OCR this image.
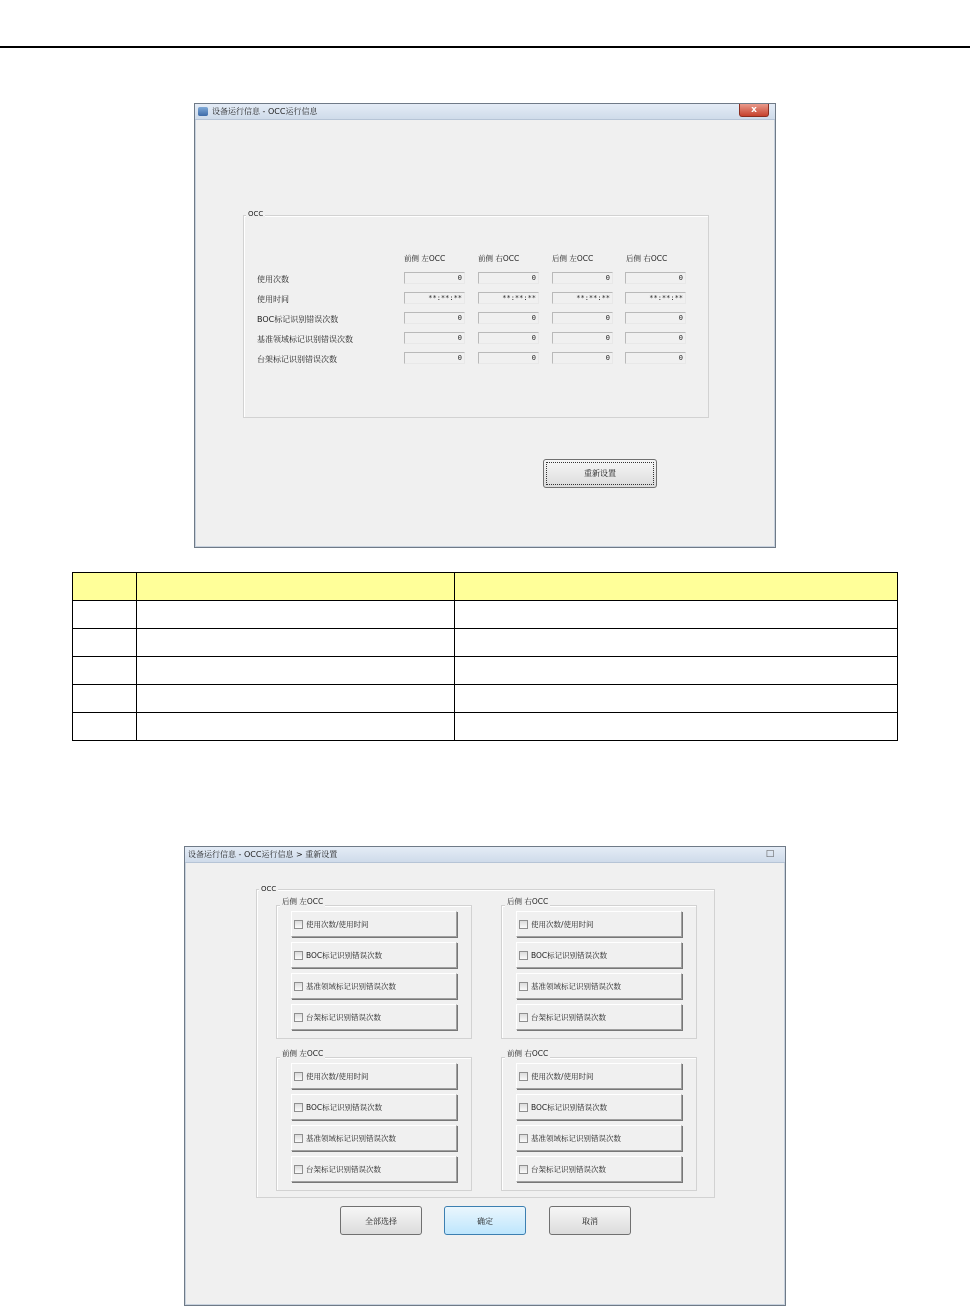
设备运行信息 - OCC运行信息	x
OCC
前侧 左OCC	前侧 右OCC	后侧 左OCC	后侧 右OCC
使用次数	0	0	0	0
使用时间	**:**:**	**:**:**	**:**:**	**:**:**
BOC标记识别错误次数	0	0	0	0
基准领域标记识别错误次数	0	0	0	0
台架标记识别错误次数	0	0	0	0
重新设置

设备运行信息 - OCC运行信息 > 重新设置	□
OCC
后侧 左OCC
使用次数/使用时间
BOC标记识别错误次数
基准领域标记识别错误次数
台架标记识别错误次数
后侧 右OCC
使用次数/使用时间
BOC标记识别错误次数
基准领域标记识别错误次数
台架标记识别错误次数
前侧 左OCC
使用次数/使用时间
BOC标记识别错误次数
基准领域标记识别错误次数
台架标记识别错误次数
前侧 右OCC
使用次数/使用时间
BOC标记识别错误次数
基准领域标记识别错误次数
台架标记识别错误次数
全部选择	确定	取消
